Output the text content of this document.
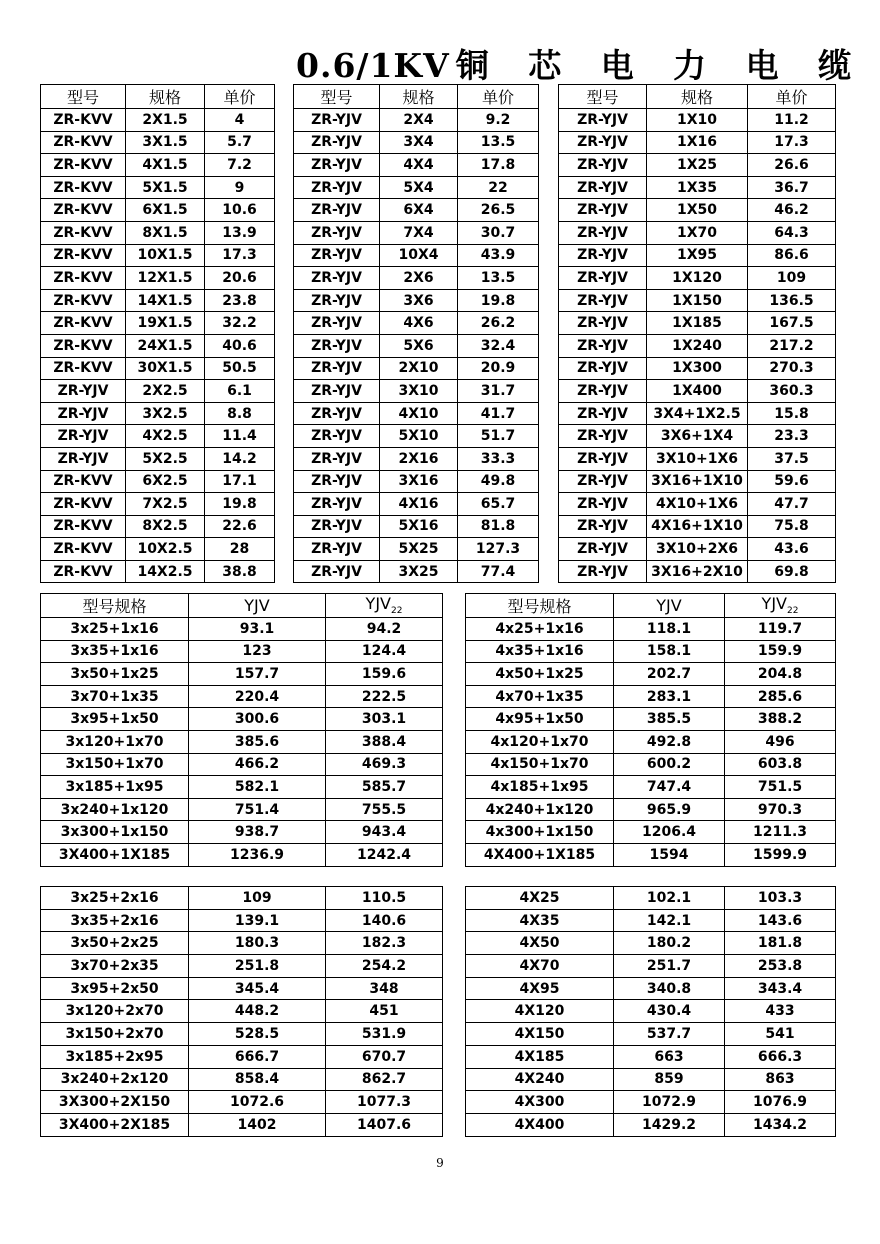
0.6/1KV 铜 芯 电 力 电 缆
型号	规格	单价
ZR-KVV	2X1.5	4
ZR-KVV	3X1.5	5.7
ZR-KVV	4X1.5	7.2
ZR-KVV	5X1.5	9
ZR-KVV	6X1.5	10.6
ZR-KVV	8X1.5	13.9
ZR-KVV	10X1.5	17.3
ZR-KVV	12X1.5	20.6
ZR-KVV	14X1.5	23.8
ZR-KVV	19X1.5	32.2
ZR-KVV	24X1.5	40.6
ZR-KVV	30X1.5	50.5
ZR-YJV	2X2.5	6.1
ZR-YJV	3X2.5	8.8
ZR-YJV	4X2.5	11.4
ZR-YJV	5X2.5	14.2
ZR-KVV	6X2.5	17.1
ZR-KVV	7X2.5	19.8
ZR-KVV	8X2.5	22.6
ZR-KVV	10X2.5	28
ZR-KVV	14X2.5	38.8
型号	规格	单价
ZR-YJV	2X4	9.2
ZR-YJV	3X4	13.5
ZR-YJV	4X4	17.8
ZR-YJV	5X4	22
ZR-YJV	6X4	26.5
ZR-YJV	7X4	30.7
ZR-YJV	10X4	43.9
ZR-YJV	2X6	13.5
ZR-YJV	3X6	19.8
ZR-YJV	4X6	26.2
ZR-YJV	5X6	32.4
ZR-YJV	2X10	20.9
ZR-YJV	3X10	31.7
ZR-YJV	4X10	41.7
ZR-YJV	5X10	51.7
ZR-YJV	2X16	33.3
ZR-YJV	3X16	49.8
ZR-YJV	4X16	65.7
ZR-YJV	5X16	81.8
ZR-YJV	5X25	127.3
ZR-YJV	3X25	77.4
型号	规格	单价
ZR-YJV	1X10	11.2
ZR-YJV	1X16	17.3
ZR-YJV	1X25	26.6
ZR-YJV	1X35	36.7
ZR-YJV	1X50	46.2
ZR-YJV	1X70	64.3
ZR-YJV	1X95	86.6
ZR-YJV	1X120	109
ZR-YJV	1X150	136.5
ZR-YJV	1X185	167.5
ZR-YJV	1X240	217.2
ZR-YJV	1X300	270.3
ZR-YJV	1X400	360.3
ZR-YJV	3X4+1X2.5	15.8
ZR-YJV	3X6+1X4	23.3
ZR-YJV	3X10+1X6	37.5
ZR-YJV	3X16+1X10	59.6
ZR-YJV	4X10+1X6	47.7
ZR-YJV	4X16+1X10	75.8
ZR-YJV	3X10+2X6	43.6
ZR-YJV	3X16+2X10	69.8
型号规格	YJV	$YJV_{22}$		型号规格	YJV	$YJV_{22}$
3x25+1x16	93.1	94.2		4x25+1x16	118.1	119.7
3x35+1x16	123	124.4		4x35+1x16	158.1	159.9
3x50+1x25	157.7	159.6		4x50+1x25	202.7	204.8
3x70+1x35	220.4	222.5		4x70+1x35	283.1	285.6
3x95+1x50	300.6	303.1		4x95+1x50	385.5	388.2
3x120+1x70	385.6	388.4		4x120+1x70	492.8	496
3x150+1x70	466.2	469.3		4x150+1x70	600.2	603.8
3x185+1x95	582.1	585.7		4x185+1x95	747.4	751.5
3x240+1x120	751.4	755.5		4x240+1x120	965.9	970.3
3x300+1x150	938.7	943.4		4x300+1x150	1206.4	1211.3
3X400+1X185	1236.9	1242.4		4X400+1X185	1594	1599.9
3x25+2x16	109	110.5		4X25	102.1	103.3
3x35+2x16	139.1	140.6		4X35	142.1	143.6
3x50+2x25	180.3	182.3		4X50	180.2	181.8
3x70+2x35	251.8	254.2		4X70	251.7	253.8
3x95+2x50	345.4	348		4X95	340.8	343.4
3x120+2x70	448.2	451		4X120	430.4	433
3x150+2x70	528.5	531.9		4X150	537.7	541
3x185+2x95	666.7	670.7		4X185	663	666.3
3x240+2x120	858.4	862.7		4X240	859	863
3X300+2X150	1072.6	1077.3		4X300	1072.9	1076.9
3X400+2X185	1402	1407.6		4X400	1429.2	1434.2
9
